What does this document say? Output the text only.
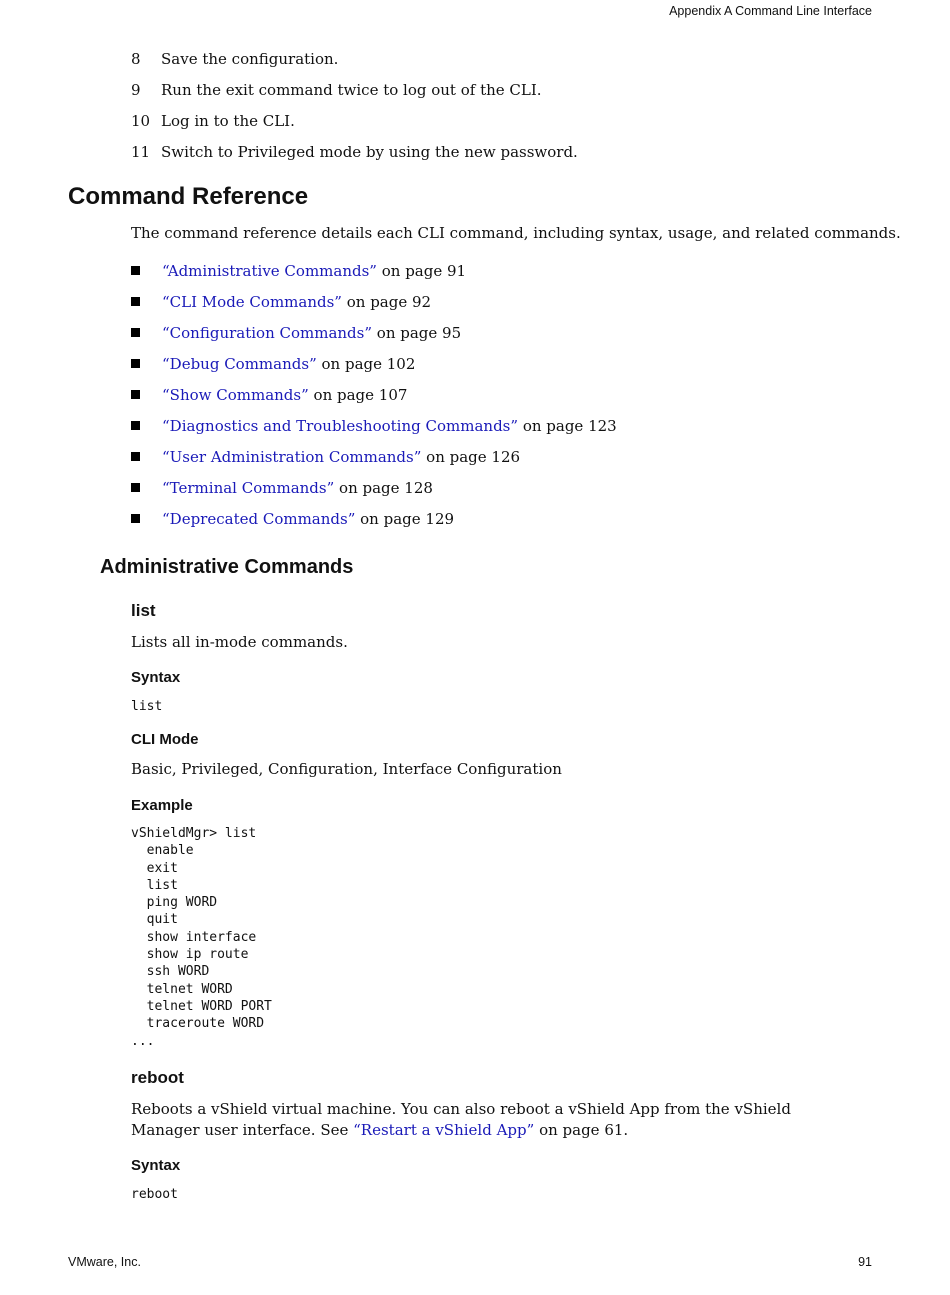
Appendix A Command Line Interface
8	Save the configuration.
9	Run the exit command twice to log out of the CLI.
10 Log in to the CLI.
11 Switch to Privileged mode by using the new password.
Command Reference

The command reference details each CLI command, including syntax, usage, and related commands.

“Administrative Commands” on page 91
“CLI Mode Commands” on page 92
“Configuration Commands” on page 95
“Debug Commands” on page 102
“Show Commands” on page 107
“Diagnostics and Troubleshooting Commands” on page 123
“User Administration Commands” on page 126
“Terminal Commands” on page 128
“Deprecated Commands” on page 129
Administrative Commands
list

Lists all in-mode commands.

Syntax
list
CLI Mode

Basic, Privileged, Configuration, Interface Configuration

Example
vShieldMgr> list
enable
exit
list
ping WORD
quit
show interface
show ip route
ssh WORD
telnet WORD
telnet WORD PORT
traceroute WORD
...
reboot

Reboots a vShield virtual machine. You can also reboot a vShield App from the vShield Manager user interface. See “Restart a vShield App” on page 61.

Syntax
reboot
VMware, Inc.	91
